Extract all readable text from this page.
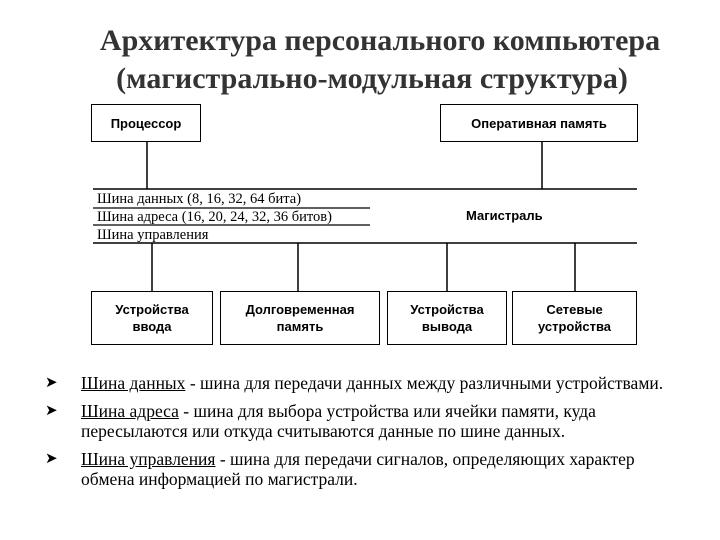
Архитектура персонального компьютера
(магистрально-модульная структура)
Процессор	Оперативная память
Шина данных (8, 16, 32, 64 бита)
Шина адреса (16, 20, 24, 32, 36 битов)
Шина управления
Магистраль
Устройства
ввода
Долговременная
память
Устройства
вывода
Сетевые
устройства
➤ Шина данных - шина для передачи данных между различными устройствами.
➤ Шина адреса - шина для выбора устройства или ячейки памяти, куда пересылаются или откуда считываются данные по шине данных.
➤ Шина управления - шина для передачи сигналов, определяющих характер обмена информацией по магистрали.
